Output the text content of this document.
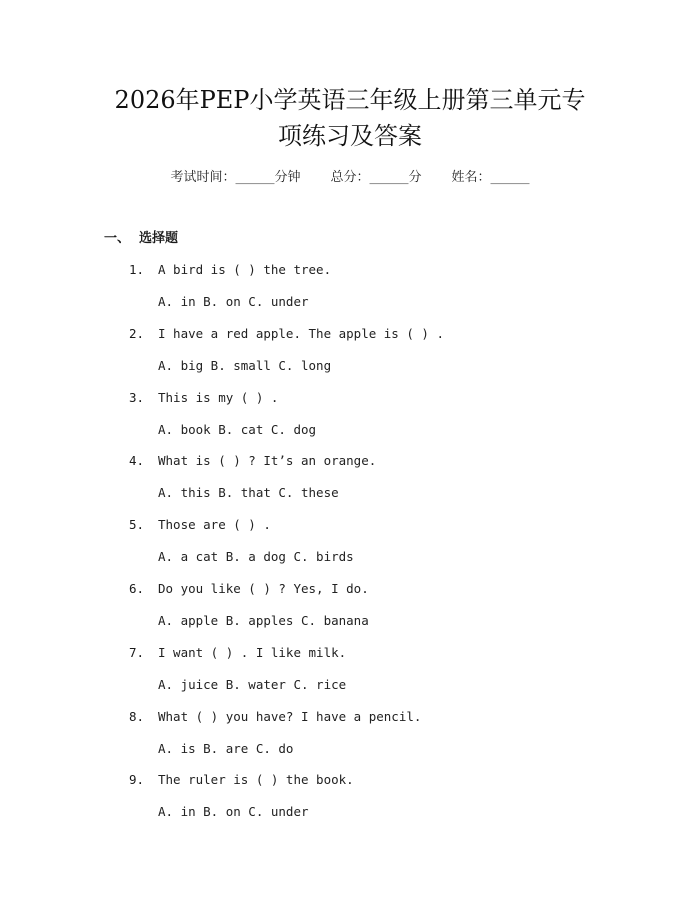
2026年PEP小学英语三年级上册第三单元专
项练习及答案
考试时间：______分钟 总分：______分 姓名：______
一、 选择题
1. A bird is ( ) the tree.
A. in B. on C. under
2. I have a red apple. The apple is ( ) .
A. big B. small C. long
3. This is my ( ) .
A. book B. cat C. dog
4. What is ( ) ? It’s an orange.
A. this B. that C. these
5. Those are ( ) .
A. a cat B. a dog C. birds
6. Do you like ( ) ? Yes, I do.
A. apple B. apples C. banana
7. I want ( ) . I like milk.
A. juice B. water C. rice
8. What ( ) you have? I have a pencil.
A. is B. are C. do
9. The ruler is ( ) the book.
A. in B. on C. under
